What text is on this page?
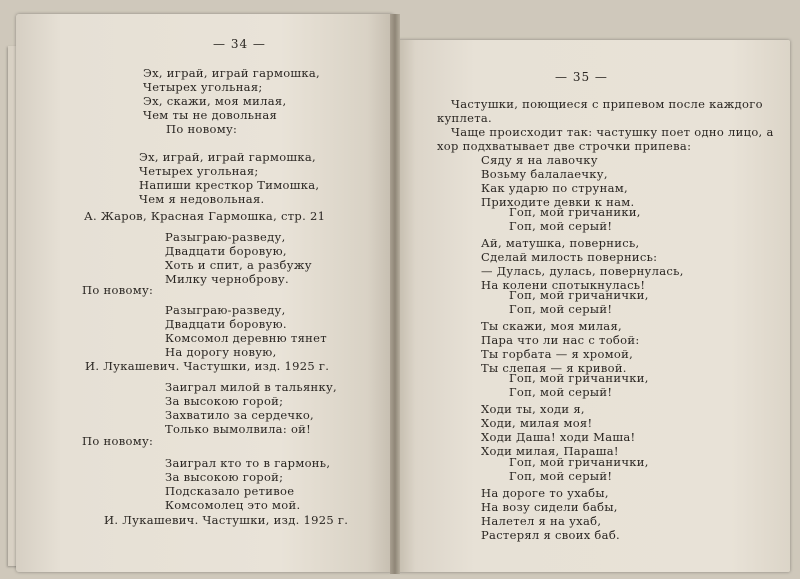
— 34 —
Эх, играй, играй гармошка,
Четырех угольная;
Эх, скажи, моя милая,
Чем ты не довольная
По новому:
Эх, играй, играй гармошка,
Четырех угольная;
Напиши кресткор Тимошка,
Чем я недовольная.
А. Жаров, Красная Гармошка, стр. 21
Разыграю-разведу,
Двадцати боровую,
Хоть и спит, а разбужу
Милку черноброву.
По новому:
Разыграю-разведу,
Двадцати боровую.
Комсомол деревню тянет
На дорогу новую,
И. Лукашевич. Частушки, изд. 1925 г.
Заиграл милой в тальянку,
За высокою горой;
Захватило за сердечко,
Только вымолвила: ой!
По новому:
Заиграл кто то в гармонь,
За высокою горой;
Подсказало ретивое
Комсомолец это мой.
И. Лукашевич. Частушки, изд. 1925 г.
— 35 —
Частушки, поющиеся с припевом после каждого
куплета.
Чаще происходит так: частушку поет одно лицо, а
хор подхватывает две строчки припева:
Сяду я на лавочку
Возьму балалаечку,
Как ударю по струнам,
Приходите девки к нам.
Гоп, мой гричаники,
Гоп, мой серый!
Ай, матушка, повернись,
Сделай милость повернись:
— Дулась, дулась, повернулась,
На колени спотыкнулась!
Гоп, мой гричанички,
Гоп, мой серый!
Ты скажи, моя милая,
Пара что ли нас с тобой:
Ты горбата — я хромой,
Ты слепая — я кривой.
Гоп, мой гричанички,
Гоп, мой серый!
Ходи ты, ходи я,
Ходи, милая моя!
Ходи Даша! ходи Маша!
Ходи милая, Параша!
Гоп, мой гричанички,
Гоп, мой серый!
На дороге то ухабы,
На возу сидели бабы,
Налетел я на ухаб,
Растерял я своих баб.
